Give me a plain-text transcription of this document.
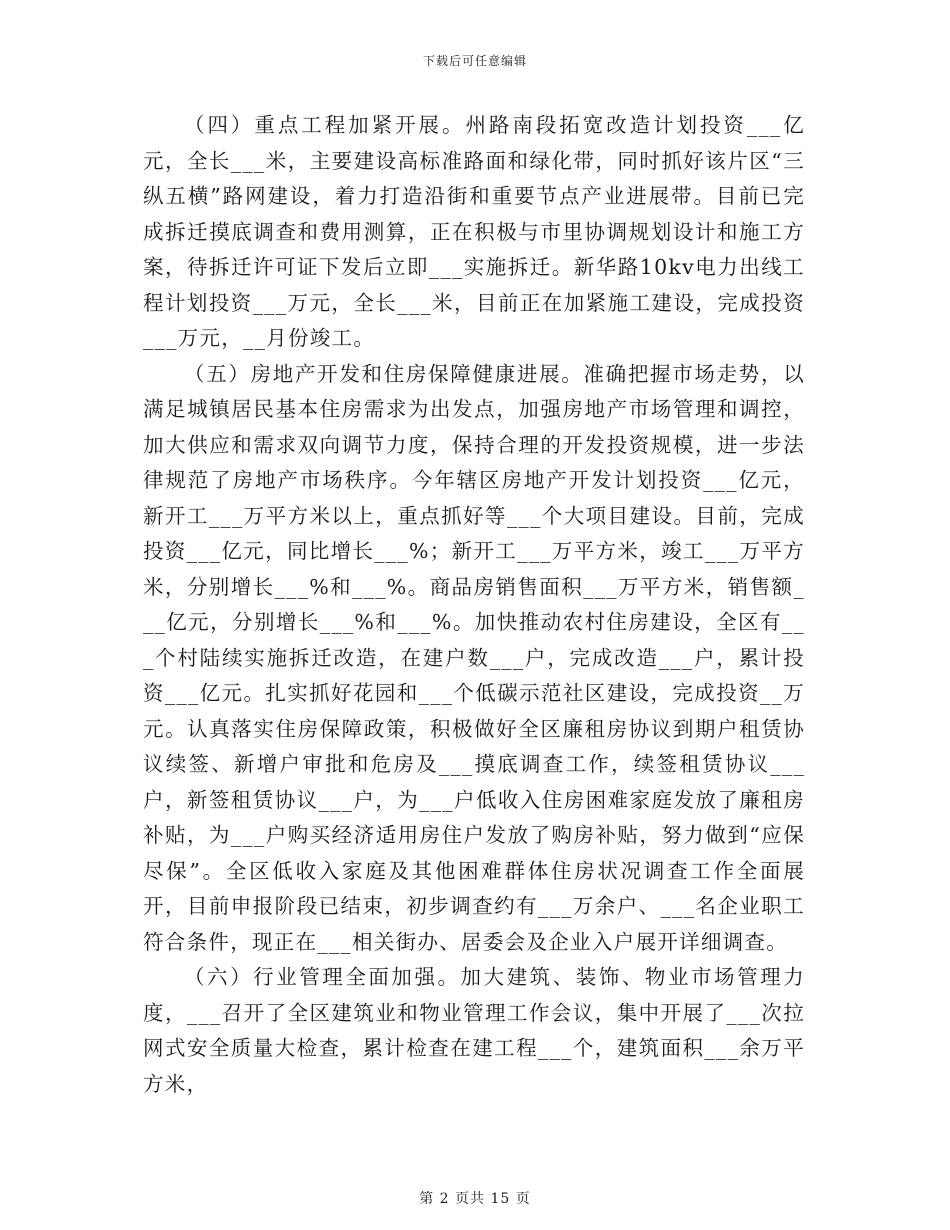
下载后可任意编辑

（四）重点工程加紧开展。州路南段拓宽改造计划投资___亿元，全长___米，主要建设高标准路面和绿化带，同时抓好该片区“三纵五横”路网建设，着力打造沿街和重要节点产业进展带。目前已完成拆迁摸底调查和费用测算，正在积极与市里协调规划设计和施工方案，待拆迁许可证下发后立即___实施拆迁。新华路10kv电力出线工程计划投资___万元，全长___米，目前正在加紧施工建设，完成投资___万元，__月份竣工。

（五）房地产开发和住房保障健康进展。准确把握市场走势，以满足城镇居民基本住房需求为出发点，加强房地产市场管理和调控，加大供应和需求双向调节力度，保持合理的开发投资规模，进一步法律规范了房地产市场秩序。今年辖区房地产开发计划投资___亿元，新开工___万平方米以上，重点抓好等___个大项目建设。目前，完成投资___亿元，同比增长___%；新开工___万平方米，竣工___万平方米，分别增长___%和___%。商品房销售面积___万平方米，销售额___亿元，分别增长___%和___%。加快推动农村住房建设，全区有___个村陆续实施拆迁改造，在建户数___户，完成改造___户，累计投资___亿元。扎实抓好花园和___个低碳示范社区建设，完成投资__万元。认真落实住房保障政策，积极做好全区廉租房协议到期户租赁协议续签、新增户审批和危房及___摸底调查工作，续签租赁协议___户，新签租赁协议___户，为___户低收入住房困难家庭发放了廉租房补贴，为___户购买经济适用房住户发放了购房补贴，努力做到“应保尽保”。全区低收入家庭及其他困难群体住房状况调查工作全面展开，目前申报阶段已结束，初步调查约有___万余户、___名企业职工符合条件，现正在___相关街办、居委会及企业入户展开详细调查。

（六）行业管理全面加强。加大建筑、装饰、物业市场管理力度，___召开了全区建筑业和物业管理工作会议，集中开展了___次拉网式安全质量大检查，累计检查在建工程___个，建筑面积___余万平方米，

第 2 页共 15 页
